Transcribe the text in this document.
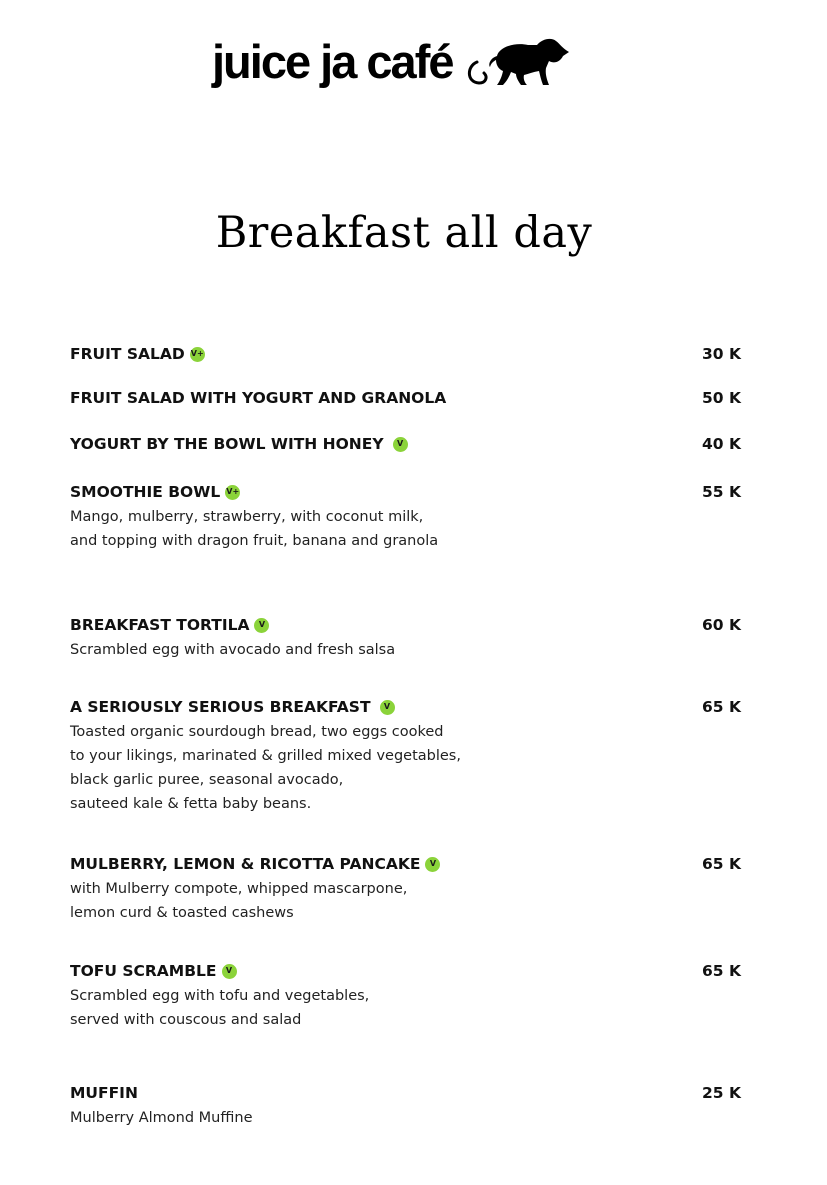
juice ja café
Breakfast all day
FRUIT SALAD V+	30 K
FRUIT SALAD WITH YOGURT AND GRANOLA	50 K
YOGURT BY THE BOWL WITH HONEY	V	40 K
SMOOTHIE BOWL V+	55 K
Mango, mulberry, strawberry, with coconut milk,
and topping with dragon fruit, banana and granola
BREAKFAST TORTILA	V	60 K
Scrambled egg with avocado and fresh salsa
A SERIOUSLY SERIOUS BREAKFAST	V	65 K
Toasted organic sourdough bread, two eggs cooked
to your likings, marinated & grilled mixed vegetables,
black garlic puree, seasonal avocado,
sauteed kale & fetta baby beans.
MULBERRY, LEMON & RICOTTA PANCAKE	V	65 K
with Mulberry compote, whipped mascarpone,
lemon curd & toasted cashews
TOFU SCRAMBLE	V	65 K
Scrambled egg with tofu and vegetables,
served with couscous and salad
MUFFIN	25 K
Mulberry Almond Muffine
